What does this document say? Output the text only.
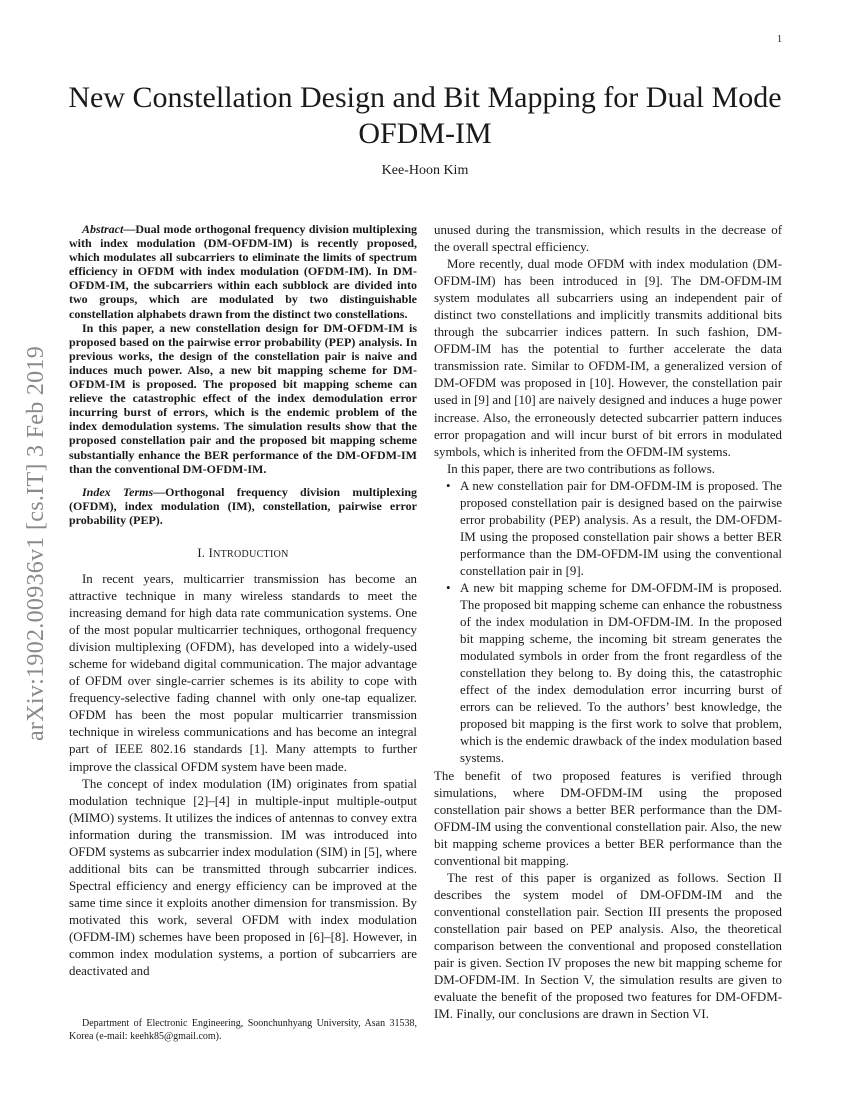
1
arXiv:1902.00936v1 [cs.IT] 3 Feb 2019
New Constellation Design and Bit Mapping for Dual Mode OFDM-IM
Kee-Hoon Kim

Abstract—Dual mode orthogonal frequency division multiplexing with index modulation (DM-OFDM-IM) is recently proposed, which modulates all subcarriers to eliminate the limits of spectrum efficiency in OFDM with index modulation (OFDM-IM). In DM-OFDM-IM, the subcarriers within each subblock are divided into two groups, which are modulated by two distinguishable constellation alphabets drawn from the distinct two constellations.

In this paper, a new constellation design for DM-OFDM-IM is proposed based on the pairwise error probability (PEP) analysis. In previous works, the design of the constellation pair is naive and induces much power. Also, a new bit mapping scheme for DM-OFDM-IM is proposed. The proposed bit mapping scheme can relieve the catastrophic effect of the index demodulation error incurring burst of errors, which is the endemic problem of the index demodulation systems. The simulation results show that the proposed constellation pair and the proposed bit mapping scheme substantially enhance the BER performance of the DM-OFDM-IM than the conventional DM-OFDM-IM.

Index Terms—Orthogonal frequency division multiplexing (OFDM), index modulation (IM), constellation, pairwise error probability (PEP).

I. INTRODUCTION

In recent years, multicarrier transmission has become an attractive technique in many wireless standards to meet the increasing demand for high data rate communication systems. One of the most popular multicarrier techniques, orthogonal frequency division multiplexing (OFDM), has developed into a widely-used scheme for wideband digital communication. The major advantage of OFDM over single-carrier schemes is its ability to cope with frequency-selective fading channel with only one-tap equalizer. OFDM has been the most popular multicarrier transmission technique in wireless communications and has become an integral part of IEEE 802.16 standards [1]. Many attempts to further improve the classical OFDM system have been made.

The concept of index modulation (IM) originates from spatial modulation technique [2]–[4] in multiple-input multiple-output (MIMO) systems. It utilizes the indices of antennas to convey extra information during the transmission. IM was introduced into OFDM systems as subcarrier index modulation (SIM) in [5], where additional bits can be transmitted through subcarrier indices. Spectral efficiency and energy efficiency can be improved at the same time since it exploits another dimension for transmission. By motivated this work, several OFDM with index modulation (OFDM-IM) schemes have been proposed in [6]–[8]. However, in common index modulation systems, a portion of subcarriers are deactivated and

Department of Electronic Engineering, Soonchunhyang University, Asan 31538, Korea (e-mail: keehk85@gmail.com).

unused during the transmission, which results in the decrease of the overall spectral efficiency.

More recently, dual mode OFDM with index modulation (DM-OFDM-IM) has been introduced in [9]. The DM-OFDM-IM system modulates all subcarriers using an independent pair of distinct two constellations and implicitly transmits additional bits through the subcarrier indices pattern. In such fashion, DM-OFDM-IM has the potential to further accelerate the data transmission rate. Similar to OFDM-IM, a generalized version of DM-OFDM was proposed in [10]. However, the constellation pair used in [9] and [10] are naively designed and induces a huge power increase. Also, the erroneously detected subcarrier pattern induces error propagation and will incur burst of bit errors in modulated symbols, which is inherited from the OFDM-IM systems.

In this paper, there are two contributions as follows.

• A new constellation pair for DM-OFDM-IM is proposed. The proposed constellation pair is designed based on the pairwise error probability (PEP) analysis. As a result, the DM-OFDM-IM using the proposed constellation pair shows a better BER performance than the DM-OFDM-IM using the conventional constellation pair in [9].
• A new bit mapping scheme for DM-OFDM-IM is proposed. The proposed bit mapping scheme can enhance the robustness of the index modulation in DM-OFDM-IM. In the proposed bit mapping scheme, the incoming bit stream generates the modulated symbols in order from the front regardless of the constellation they belong to. By doing this, the catastrophic effect of the index demodulation error incurring burst of errors can be relieved. To the authors’ best knowledge, the proposed bit mapping is the first work to solve that problem, which is the endemic drawback of the index modulation based systems.

The benefit of two proposed features is verified through simulations, where DM-OFDM-IM using the proposed constellation pair shows a better BER performance than the DM-OFDM-IM using the conventional constellation pair. Also, the new bit mapping scheme provices a better BER performance than the conventional bit mapping.

The rest of this paper is organized as follows. Section II describes the system model of DM-OFDM-IM and the conventional constellation pair. Section III presents the proposed constellation pair based on PEP analysis. Also, the theoretical comparison between the conventional and proposed constellation pair is given. Section IV proposes the new bit mapping scheme for DM-OFDM-IM. In Section V, the simulation results are given to evaluate the benefit of the proposed two features for DM-OFDM-IM. Finally, our conclusions are drawn in Section VI.
